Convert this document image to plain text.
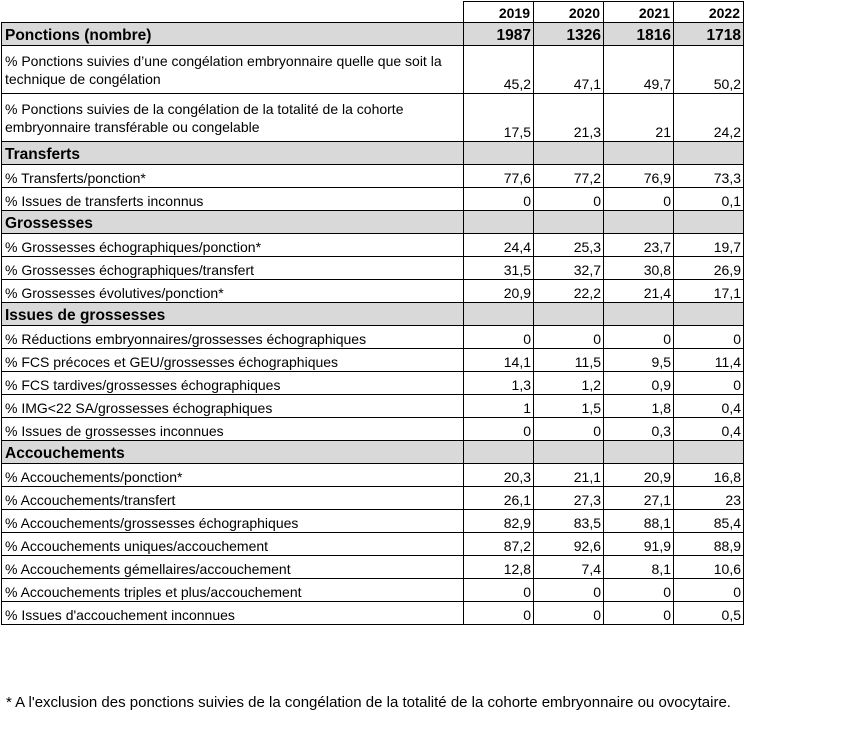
	2019	2020	2021	2022
Ponctions (nombre)	1987	1326	1816	1718
% Ponctions suivies d’une congélation embryonnaire quelle que soit la technique de congélation	45,2	47,1	49,7	50,2
% Ponctions suivies de la congélation de la totalité de la cohorte embryonnaire transférable ou congelable	17,5	21,3	21	24,2
Transferts				
% Transferts/ponction*	77,6	77,2	76,9	73,3
% Issues de transferts inconnus	0	0	0	0,1
Grossesses				
% Grossesses échographiques/ponction*	24,4	25,3	23,7	19,7
% Grossesses échographiques/transfert	31,5	32,7	30,8	26,9
% Grossesses évolutives/ponction*	20,9	22,2	21,4	17,1
Issues de grossesses				
% Réductions embryonnaires/grossesses échographiques	0	0	0	0
% FCS précoces et GEU/grossesses échographiques	14,1	11,5	9,5	11,4
% FCS tardives/grossesses échographiques	1,3	1,2	0,9	0
% IMG<22 SA/grossesses échographiques	1	1,5	1,8	0,4
% Issues de grossesses inconnues	0	0	0,3	0,4
Accouchements				
% Accouchements/ponction*	20,3	21,1	20,9	16,8
% Accouchements/transfert	26,1	27,3	27,1	23
% Accouchements/grossesses échographiques	82,9	83,5	88,1	85,4
% Accouchements uniques/accouchement	87,2	92,6	91,9	88,9
% Accouchements gémellaires/accouchement	12,8	7,4	8,1	10,6
% Accouchements triples et plus/accouchement	0	0	0	0
% Issues d'accouchement inconnues	0	0	0	0,5
* A l'exclusion des ponctions suivies de la congélation de la totalité de la cohorte embryonnaire ou ovocytaire.
